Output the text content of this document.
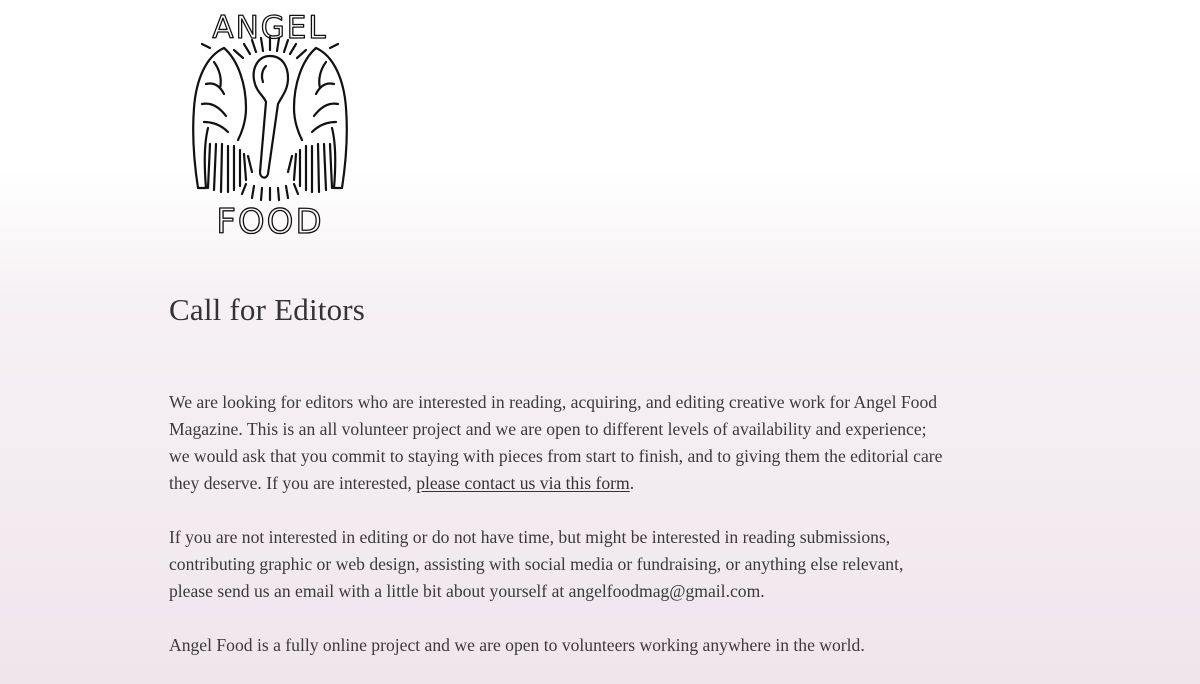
ANGEL
FOOD
Call for Editors

We are looking for editors who are interested in reading, acquiring, and editing creative work for Angel Food Magazine. This is an all volunteer project and we are open to different levels of availability and experience; we would ask that you commit to staying with pieces from start to finish, and to giving them the editorial care they deserve. If you are interested, please contact us via this form.

If you are not interested in editing or do not have time, but might be interested in reading submissions, contributing graphic or web design, assisting with social media or fundraising, or anything else relevant, please send us an email with a little bit about yourself at angelfoodmag@gmail.com.

Angel Food is a fully online project and we are open to volunteers working anywhere in the world.
